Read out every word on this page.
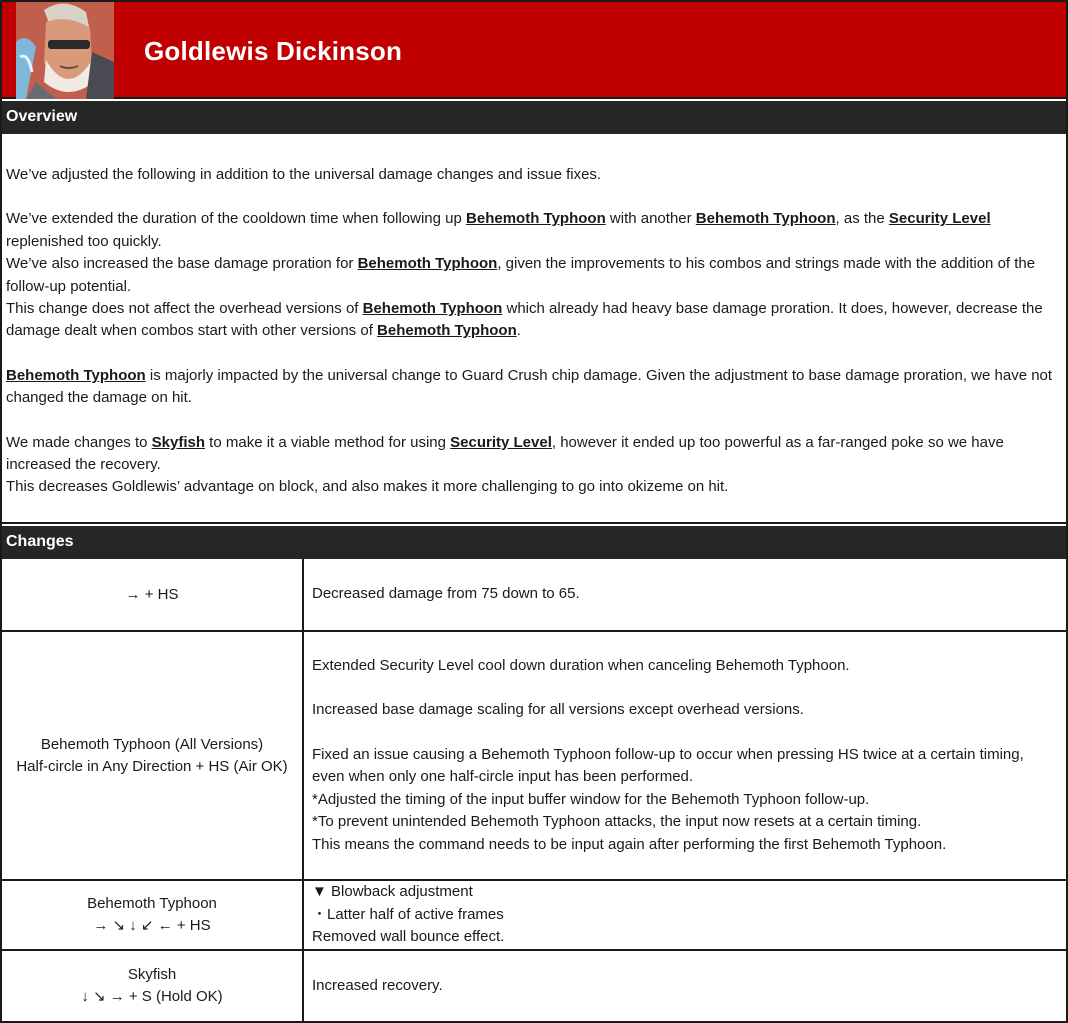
Goldlewis Dickinson
Overview

We’ve adjusted the following in addition to the universal damage changes and issue fixes.

We’ve extended the duration of the cooldown time when following up Behemoth Typhoon with another Behemoth Typhoon, as the Security Level replenished too quickly.

We’ve also increased the base damage proration for Behemoth Typhoon, given the improvements to his combos and strings made with the addition of the follow-up potential.

This change does not affect the overhead versions of Behemoth Typhoon which already had heavy base damage proration. It does, however, decrease the damage dealt when combos start with other versions of Behemoth Typhoon.

Behemoth Typhoon is majorly impacted by the universal change to Guard Crush chip damage. Given the adjustment to base damage proration, we have not changed the damage on hit.

We made changes to Skyfish to make it a viable method for using Security Level, however it ended up too powerful as a far-ranged poke so we have increased the recovery.

This decreases Goldlewis’ advantage on block, and also makes it more challenging to go into okizeme on hit.

Changes
→ + HS	Decreased damage from 75 down to 65.
Behemoth Typhoon (All Versions)
Half-circle in Any Direction + HS (Air OK)
Extended Security Level cool down duration when canceling Behemoth Typhoon.
Increased base damage scaling for all versions except overhead versions.
Fixed an issue causing a Behemoth Typhoon follow-up to occur when pressing HS twice at a certain timing, even when only one half-circle input has been performed.
*Adjusted the timing of the input buffer window for the Behemoth Typhoon follow-up.
*To prevent unintended Behemoth Typhoon attacks, the input now resets at a certain timing.
This means the command needs to be input again after performing the first Behemoth Typhoon.
Behemoth Typhoon
→ ↘ ↓ ↙ ← + HS
▼ Blowback adjustment
・Latter half of active frames
Removed wall bounce effect.
Skyfish
↓ ↘ → + S (Hold OK)
Increased recovery.
